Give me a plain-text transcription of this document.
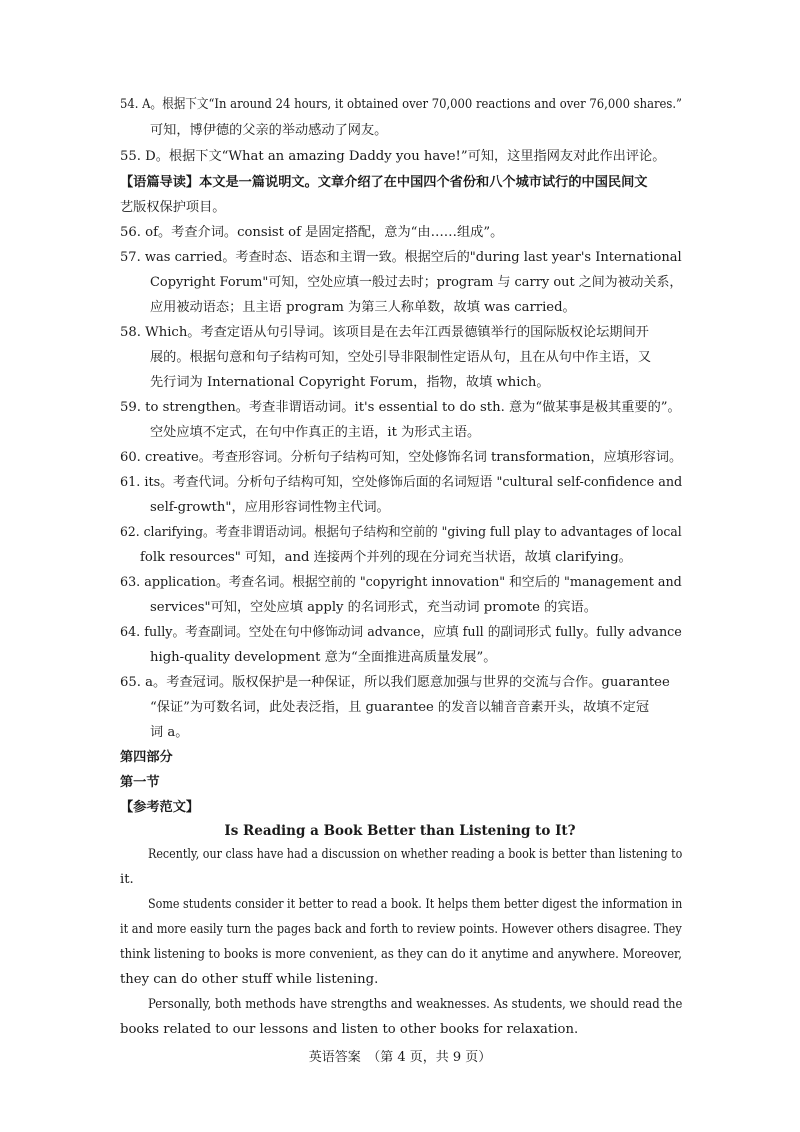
54. A。根据下文“In around 24 hours, it obtained over 70,000 reactions and over 76,000 shares.”
可知，博伊德的父亲的举动感动了网友。
55. D。根据下文“What an amazing Daddy you have!”可知，这里指网友对此作出评论。
【语篇导读】本文是一篇说明文。文章介绍了在中国四个省份和八个城市试行的中国民间文
艺版权保护项目。
56. of。考查介词。consist of 是固定搭配，意为“由……组成”。
57. was carried。考查时态、语态和主谓一致。根据空后的"during last year's International
Copyright Forum"可知，空处应填一般过去时；program 与 carry out 之间为被动关系，
应用被动语态；且主语 program 为第三人称单数，故填 was carried。
58. Which。考查定语从句引导词。该项目是在去年江西景德镇举行的国际版权论坛期间开
展的。根据句意和句子结构可知，空处引导非限制性定语从句，且在从句中作主语，又
先行词为 International Copyright Forum，指物，故填 which。
59. to strengthen。考查非谓语动词。it's essential to do sth. 意为“做某事是极其重要的”。
空处应填不定式，在句中作真正的主语，it 为形式主语。
60. creative。考查形容词。分析句子结构可知，空处修饰名词 transformation，应填形容词。
61. its。考查代词。分析句子结构可知，空处修饰后面的名词短语 "cultural self-confidence and
self-growth"，应用形容词性物主代词。
62. clarifying。考查非谓语动词。根据句子结构和空前的 "giving full play to advantages of local
folk resources" 可知，and 连接两个并列的现在分词充当状语，故填 clarifying。
63. application。考查名词。根据空前的 "copyright innovation" 和空后的 "management and
services"可知，空处应填 apply 的名词形式，充当动词 promote 的宾语。
64. fully。考查副词。空处在句中修饰动词 advance，应填 full 的副词形式 fully。fully advance
high-quality development 意为“全面推进高质量发展”。
65. a。考查冠词。版权保护是一种保证，所以我们愿意加强与世界的交流与合作。guarantee
“保证”为可数名词，此处表泛指，且 guarantee 的发音以辅音音素开头，故填不定冠
词 a。
第四部分
第一节
【参考范文】
Is Reading a Book Better than Listening to It?
Recently, our class have had a discussion on whether reading a book is better than listening to
it.
Some students consider it better to read a book. It helps them better digest the information in
it and more easily turn the pages back and forth to review points. However others disagree. They
think listening to books is more convenient, as they can do it anytime and anywhere. Moreover,
they can do other stuff while listening.
Personally, both methods have strengths and weaknesses. As students, we should read the
books related to our lessons and listen to other books for relaxation.
英语答案　（第 4 页，共 9 页）
